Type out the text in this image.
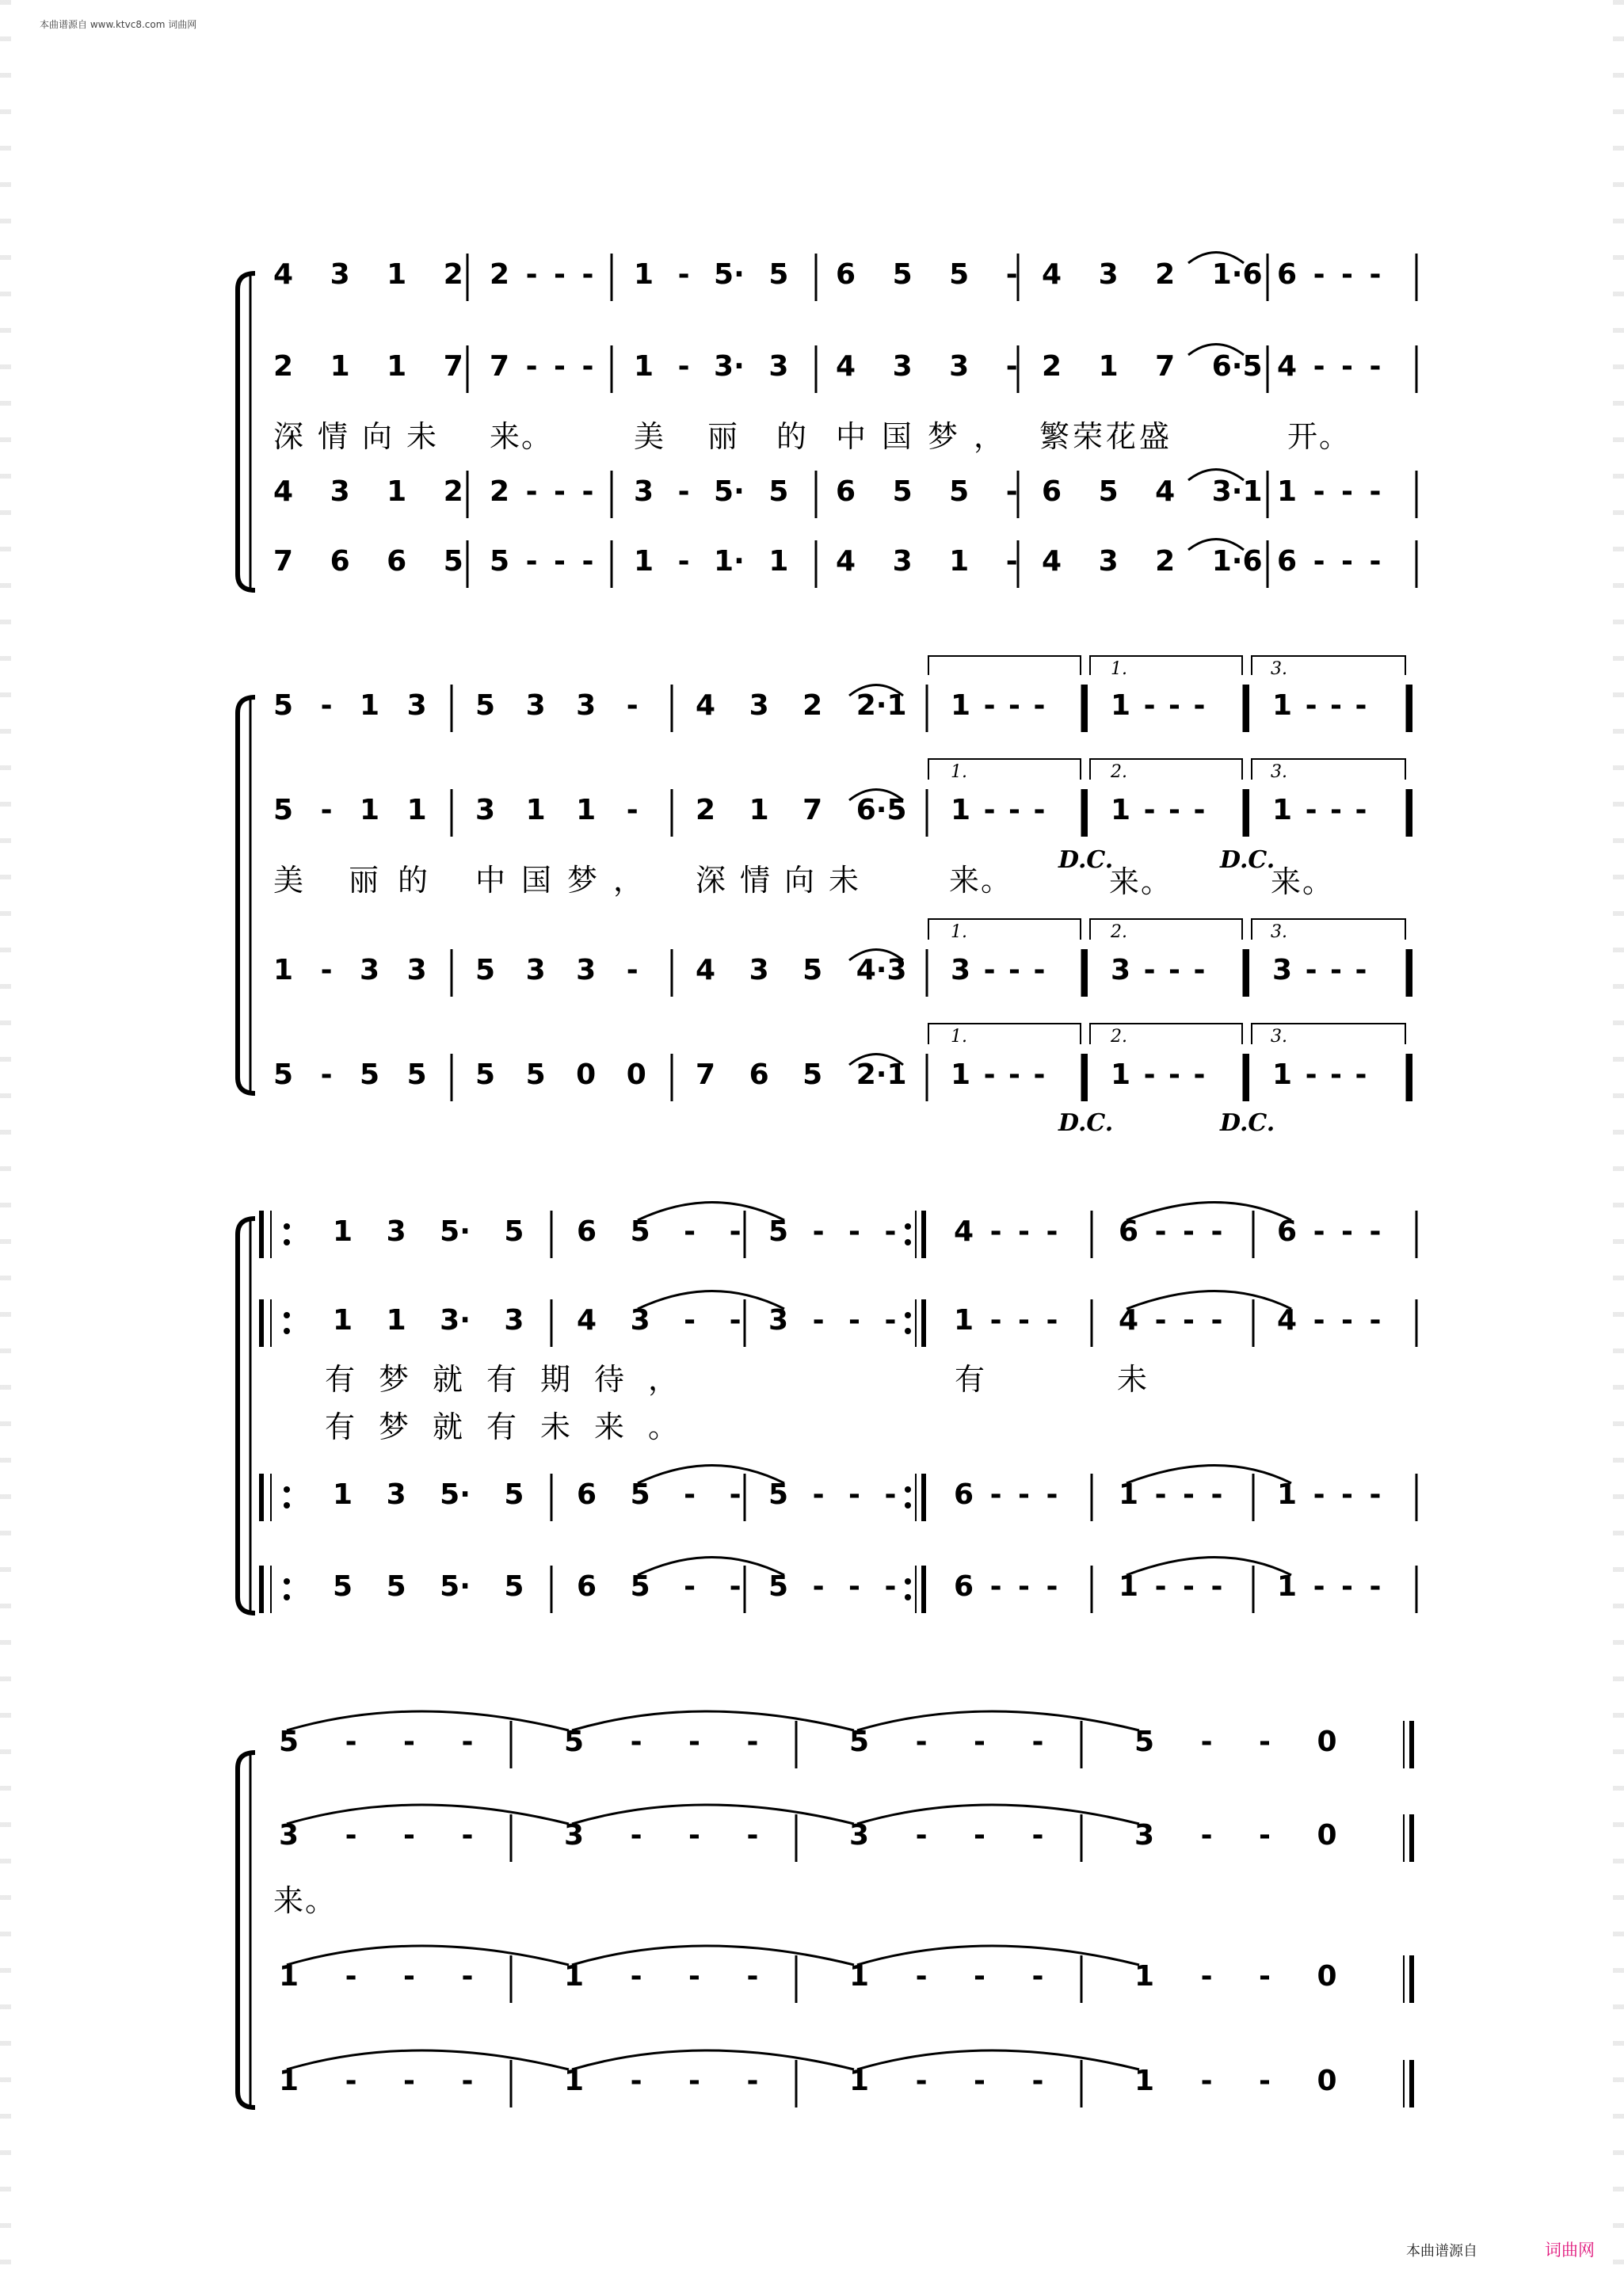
本曲谱源自 www.ktvc8.com 词曲网
4 3 1 2 2 - - - 1 - 5· 5 6 5 5 - 4 3 2 1·6 6 - - -
2 1 1 7 7 - - - 1 - 3· 3 4 3 3 - 2 1 7 6·5 4 - - -
深情向未 来。	美 丽 的 中国梦， 繁荣花盛	开。
4 3 1 2 2 - - - 3 - 5· 5 6 5 5 - 6 5 4 3·1 1 - - -
7 6 6 5 5 - - - 1 - 1· 1 4 3 1 - 4 3 2 1·6 6 - - -
1.	3.
1.	2.	3.
1.	2.	3.
1.	2.	3.
5 - 1 3 5 3 3 - 4 3 2 2·1 1 - - - 1 - - - 1 - - -
5 - 1 1 3 1 1 - 2 1 7 6·5 1 - - - 1 - - - 1 - - -
美 丽的 中国梦， 深情向未	来。
D.C.
来。
D.C.
来。
1 - 3 3 5 3 3 - 4 3 5 4·3 3 - - - 3 - - - 3 - - -
5 - 5 5 5 5 0 0 7 6 5 2·1 1 - - - 1 - - - 1 - - -
D.C.	D.C.
1 3 5· 5 6 5 - - 5 - - - 4 - - - 6 - - - 6 - - -
1 1 3· 3 4 3 - - 3 - - - 1 - - - 4 - - - 4 - - -
有梦就有期待，	有	未
有梦就有未来。
1 3 5· 5 6 5 - - 5 - - - 6 - - - 1 - - - 1 - - -
5 5 5· 5 6 5 - - 5 - - - 6 - - - 1 - - - 1 - - -
5 - - -	5 - - -	5 - - -	5 - - 0
3 - - -	3 - - -	3 - - -	3 - - 0
来。
1 - - -	1 - - -	1 - - -	1 - - 0
1 - - -	1 - - -	1 - - -	1 - - 0
本曲谱源自	词曲网
